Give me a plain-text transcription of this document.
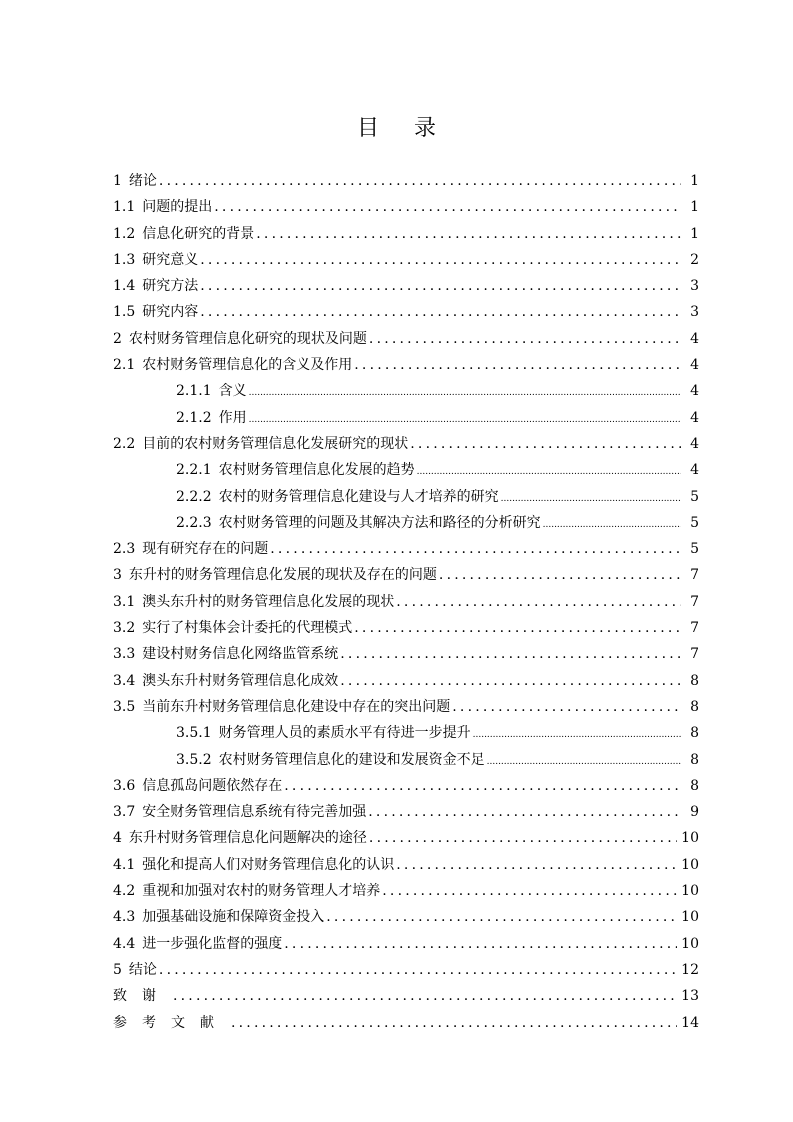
目 录
1 绪论 .....	1
1.1 问题的提出 .....	1
1.2 信息化研究的背景 .....	1
1.3 研究意义 .....	2
1.4 研究方法 .....	3
1.5 研究内容 .....	3
2 农村财务管理信息化研究的现状及问题 .....	4
2.1 农村财务管理信息化的含义及作用 .....	4
2.1.1 含义 .....	4
2.1.2 作用 .....	4
2.2 目前的农村财务管理信息化发展研究的现状 .....	4
2.2.1 农村财务管理信息化发展的趋势 .....	4
2.2.2 农村的财务管理信息化建设与人才培养的研究 .....	5
2.2.3 农村财务管理的问题及其解决方法和路径的分析研究 .....	5
2.3 现有研究存在的问题 .....	5
3 东升村的财务管理信息化发展的现状及存在的问题 .....	7
3.1 澳头东升村的财务管理信息化发展的现状 .....	7
3.2 实行了村集体会计委托的代理模式 .....	7
3.3 建设村财务信息化网络监管系统 .....	7
3.4 澳头东升村财务管理信息化成效 .....	8
3.5 当前东升村财务管理信息化建设中存在的突出问题 .....	8
3.5.1 财务管理人员的素质水平有待进一步提升 .....	8
3.5.2 农村财务管理信息化的建设和发展资金不足 .....	8
3.6 信息孤岛问题依然存在 .....	8
3.7 安全财务管理信息系统有待完善加强 .....	9
4 东升村财务管理信息化问题解决的途径 .....	10
4.1 强化和提高人们对财务管理信息化的认识 .....	10
4.2 重视和加强对农村的财务管理人才培养 .....	10
4.3 加强基础设施和保障资金投入 .....	10
4.4 进一步强化监督的强度 .....	10
5 结论 .....	12
致谢 .....	13
参考文献 .....	14
